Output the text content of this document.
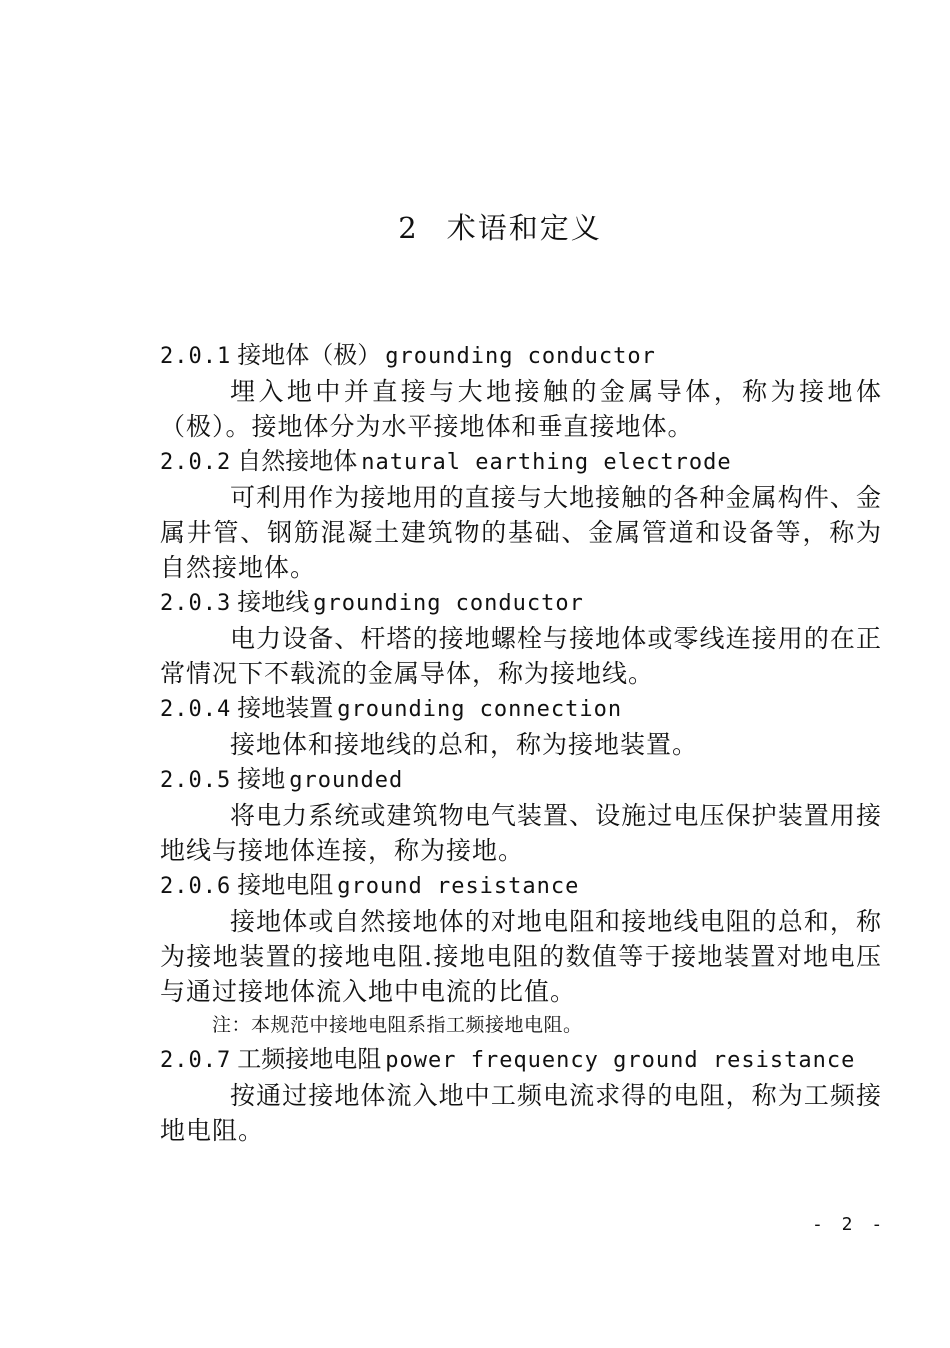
2 术语和定义
2.0.1 接地体（极） grounding conductor
埋入地中并直接与大地接触的金属导体，称为接地体（极）。接地体分为水平接地体和垂直接地体。
2.0.2 自然接地体 natural earthing electrode
可利用作为接地用的直接与大地接触的各种金属构件、金属井管、钢筋混凝土建筑物的基础、金属管道和设备等，称为自然接地体。
2.0.3 接地线 grounding conductor
电力设备、杆塔的接地螺栓与接地体或零线连接用的在正常情况下不载流的金属导体，称为接地线。
2.0.4 接地装置 grounding connection
接地体和接地线的总和，称为接地装置。
2.0.5 接地 grounded
将电力系统或建筑物电气装置、设施过电压保护装置用接地线与接地体连接，称为接地。
2.0.6 接地电阻 ground resistance
接地体或自然接地体的对地电阻和接地线电阻的总和，称为接地装置的接地电阻.接地电阻的数值等于接地装置对地电压与通过接地体流入地中电流的比值。
注：本规范中接地电阻系指工频接地电阻。
2.0.7 工频接地电阻 power frequency ground resistance
按通过接地体流入地中工频电流求得的电阻，称为工频接地电阻。
- 2 -
